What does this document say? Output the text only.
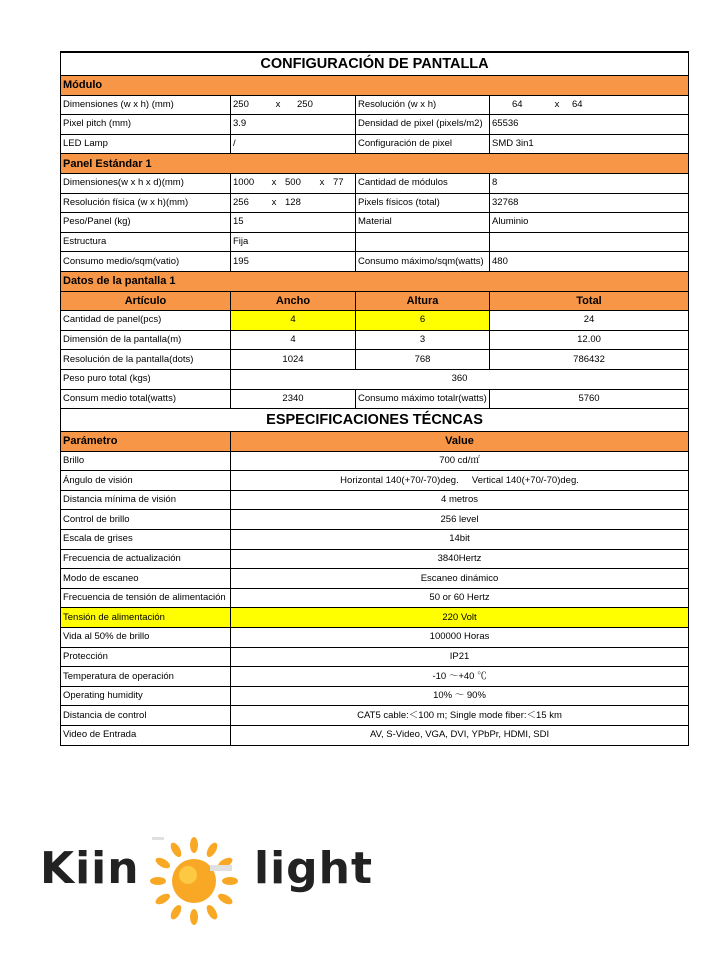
CONFIGURACIÓN DE PANTALLA			
Módulo			
Dimensiones (w x h) (mm)	250 x 250	Resolución (w x h)	64 x 64
Pixel pitch (mm)	3.9	Densidad de pixel (pixels/m2)	65536
LED Lamp	/	Configuración de pixel	SMD 3in1
Panel Estándar 1			
Dimensiones(w x h x d)(mm)	1000 x 500 x 77	Cantidad de módulos	8
Resolución física (w x h)(mm)	256 x 128	Pixels físicos (total)	32768
Peso/Panel (kg)	15	Material	Aluminio
Estructura	Fija		
Consumo medio/sqm(vatio)	195	Consumo máximo/sqm(watts)	480
Datos de la pantalla 1			
Artículo	Ancho	Altura	Total
Cantidad de panel(pcs)	4	6	24
Dimensión de la pantalla(m)	4	3	12.00
Resolución de la pantalla(dots)	1024	768	786432
Peso puro total (kgs)	360		
Consum medio total(watts)	2340	Consumo máximo totalr(watts)	5760
ESPECIFICACIONES TÉCNCAS			
Parámetro	Value		
Brillo	700 cd/㎡		
Ángulo de visión	Horizontal 140(+70/-70)deg.     Vertical 140(+70/-70)deg.		
Distancia mínima de visión	4 metros		
Control de brillo	256 level		
Escala de grises	14bit		
Frecuencia de actualización	3840Hertz		
Modo de escaneo	Escaneo dinámico		
Frecuencia de tensión de alimentación	50 or 60 Hertz		
Tensión de alimentación	220 Volt		
Vida al 50% de brillo	100000 Horas		
Protección	IP21		
Temperatura de operación	-10 ～+40 ℃		
Operating humidity	10% ～ 90%		
Distancia de control	CAT5 cable:＜100 m; Single mode fiber:＜15 km		
Video de Entrada	AV, S-Video, VGA, DVI, YPbPr, HDMI, SDI		
Kiin	light
